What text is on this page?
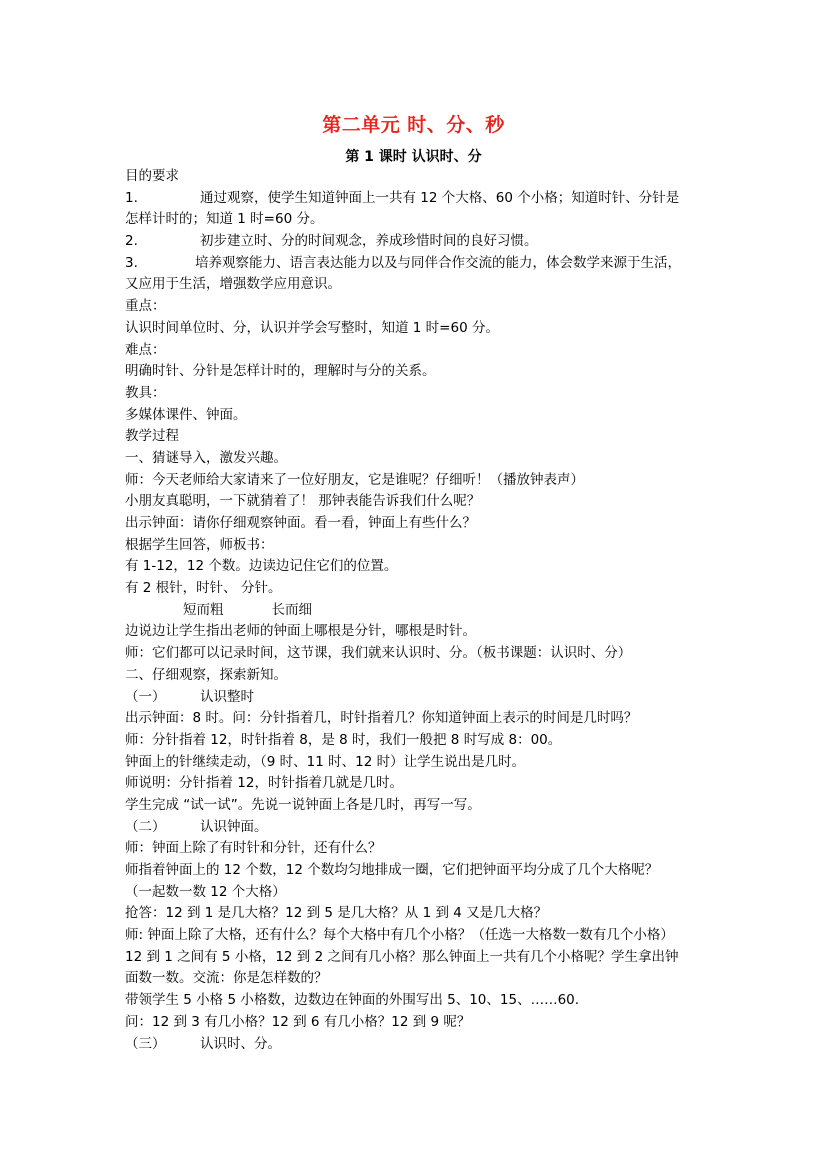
第二单元 时、分、秒
第 1 课时 认识时、分
目的要求
1.	通过观察，使学生知道钟面上一共有 12 个大格、60 个小格；知道时针、分针是
怎样计时的；知道 1 时=60 分。
2.	初步建立时、分的时间观念，养成珍惜时间的良好习惯。
3.	培养观察能力、语言表达能力以及与同伴合作交流的能力，体会数学来源于生活，
又应用于生活，增强数学应用意识。
重点：
认识时间单位时、分，认识并学会写整时，知道 1 时=60 分。
难点：
明确时针、分针是怎样计时的，理解时与分的关系。
教具：
多媒体课件、钟面。
教学过程
一、猜谜导入，激发兴趣。
师：今天老师给大家请来了一位好朋友，它是谁呢？仔细听！（播放钟表声）
小朋友真聪明，一下就猜着了！ 那钟表能告诉我们什么呢？
出示钟面：请你仔细观察钟面。看一看，钟面上有些什么？
根据学生回答，师板书：
有 1-12，12 个数。边读边记住它们的位置。
有 2 根针，时针、 分针。
短而粗	长而细
边说边让学生指出老师的钟面上哪根是分针，哪根是时针。
师：它们都可以记录时间，这节课，我们就来认识时、分。（板书课题：认识时、分）
二、仔细观察，探索新知。
（一）	认识整时
出示钟面：8 时。问：分针指着几，时针指着几？你知道钟面上表示的时间是几时吗？
师：分针指着 12，时针指着 8，是 8 时，我们一般把 8 时写成 8：00。
钟面上的针继续走动，（9 时、11 时、12 时）让学生说出是几时。
师说明：分针指着 12，时针指着几就是几时。
学生完成 “试一试”。先说一说钟面上各是几时，再写一写。
（二）	认识钟面。
师：钟面上除了有时针和分针，还有什么？
师指着钟面上的 12 个数，12 个数均匀地排成一圈，它们把钟面平均分成了几个大格呢？
（一起数一数 12 个大格）
抢答：12 到 1 是几大格？12 到 5 是几大格？从 1 到 4 又是几大格？
师: 钟面上除了大格，还有什么？每个大格中有几个小格？（任选一大格数一数有几个小格）
12 到 1 之间有 5 小格，12 到 2 之间有几小格？那么钟面上一共有几个小格呢？学生拿出钟
面数一数。交流：你是怎样数的？
带领学生 5 小格 5 小格数，边数边在钟面的外围写出 5、10、15、……60.
问：12 到 3 有几小格？12 到 6 有几小格？12 到 9 呢？
（三）	认识时、分。
